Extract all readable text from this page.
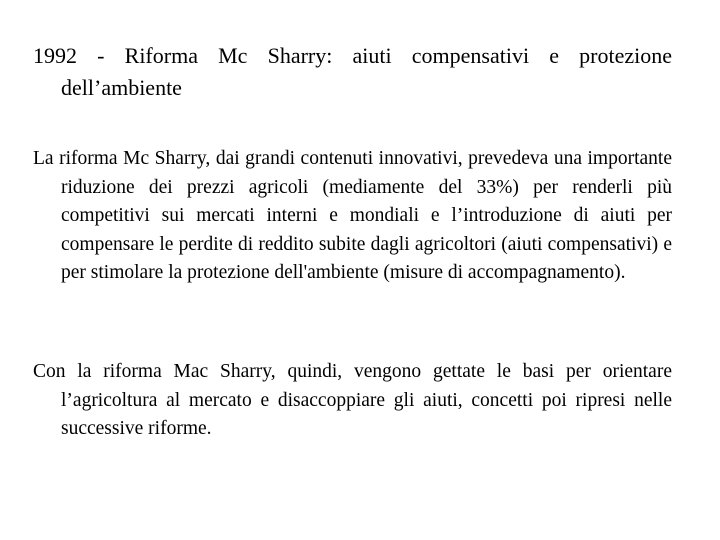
1992 - Riforma Mc Sharry: aiuti compensativi e protezione dell’ambiente

La riforma Mc Sharry, dai grandi contenuti innovativi, prevedeva una importante riduzione dei prezzi agricoli (mediamente del 33%) per renderli più competitivi sui mercati interni e mondiali e l’introduzione di aiuti per compensare le perdite di reddito subite dagli agricoltori (aiuti compensativi) e per stimolare la protezione dell'ambiente (misure di accompagnamento).

Con la riforma Mac Sharry, quindi, vengono gettate le basi per orientare l’agricoltura al mercato e disaccoppiare gli aiuti, concetti poi ripresi nelle successive riforme.
